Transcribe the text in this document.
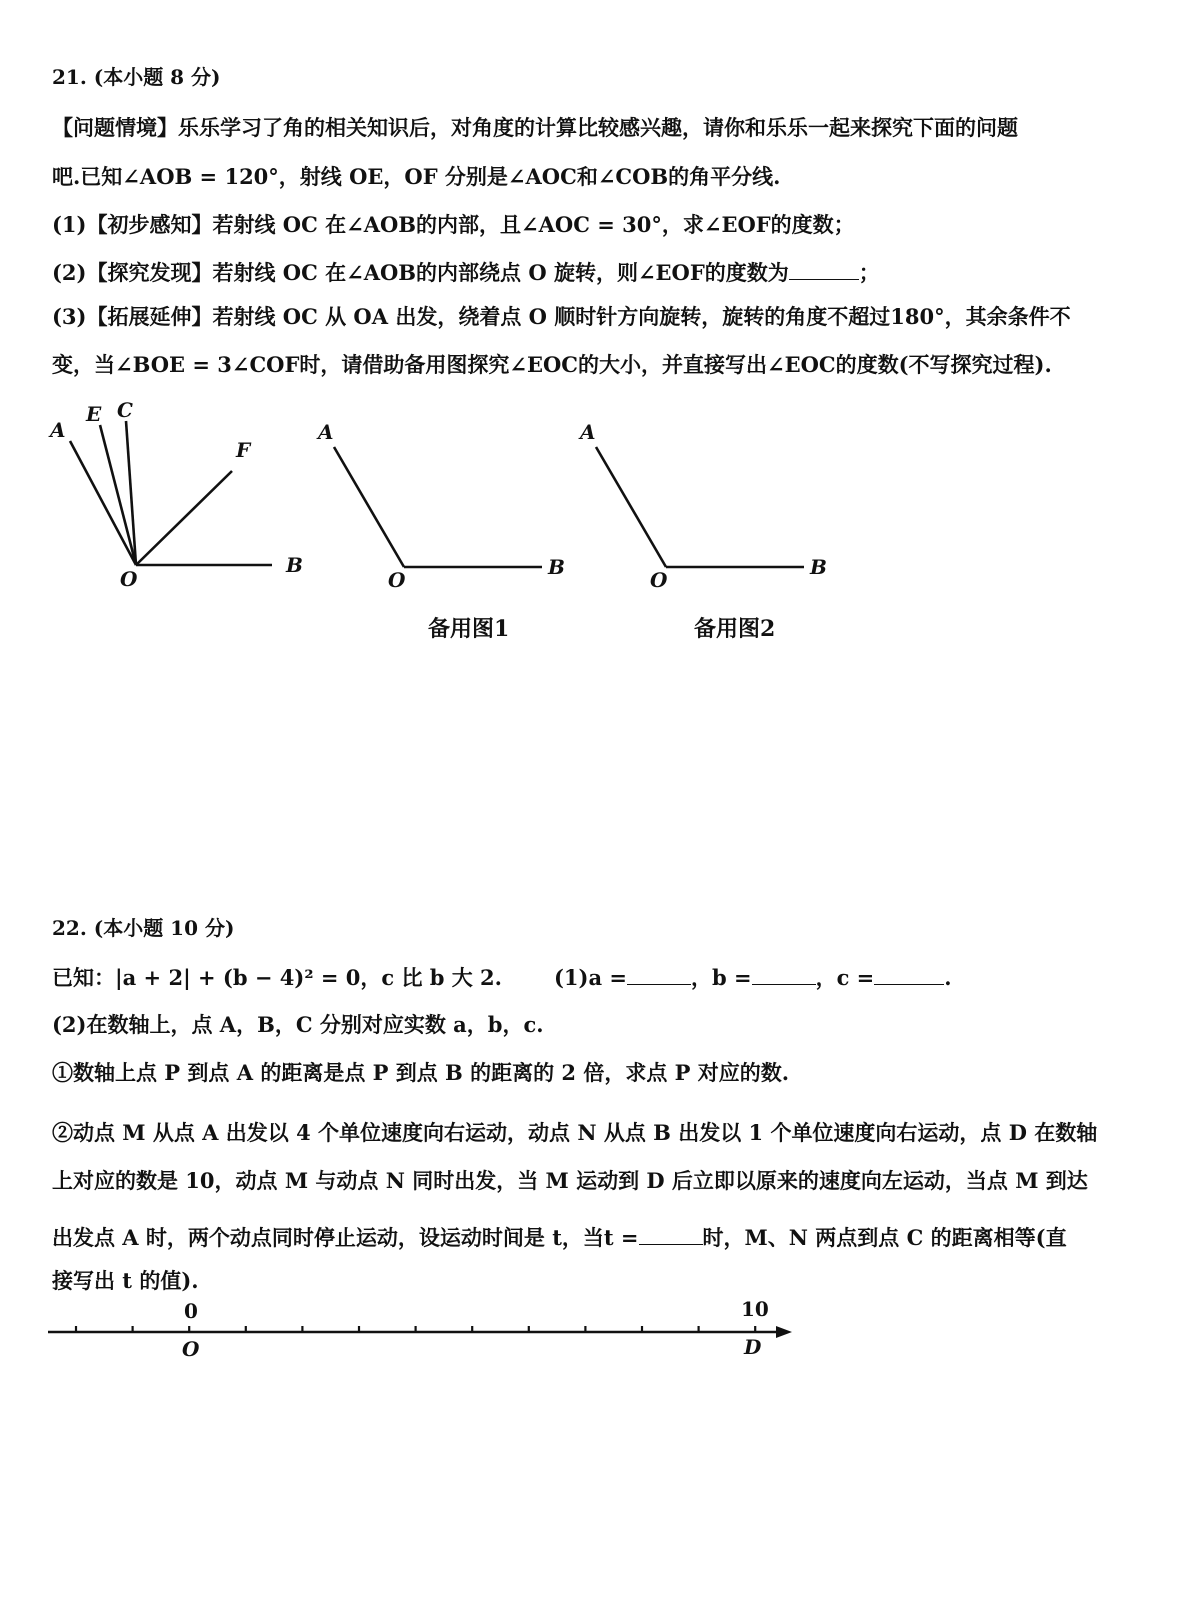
21. (本小题 8 分)
【问题情境】乐乐学习了角的相关知识后，对角度的计算比较感兴趣，请你和乐乐一起来探究下面的问题
吧.已知∠AOB = 120°，射线 OE，OF 分别是∠AOC和∠COB的角平分线.
(1)【初步感知】若射线 OC 在∠AOB的内部，且∠AOC = 30°，求∠EOF的度数；
(2)【探究发现】若射线 OC 在∠AOB的内部绕点 O 旋转，则∠EOF的度数为	；
(3)【拓展延伸】若射线 OC 从 OA 出发，绕着点 O 顺时针方向旋转，旋转的角度不超过180°，其余条件不
变，当∠BOE = 3∠COF时，请借助备用图探究∠EOC的大小，并直接写出∠EOC的度数(不写探究过程).
A
E C
F
O
B
A
O
B
备用图1
A
O
B
备用图2
22. (本小题 10 分)
已知：|a + 2| + (b − 4)² = 0，c 比 b 大 2. (1)a =	，b =	，c =	.
(2)在数轴上，点 A，B，C 分别对应实数 a，b，c.
①数轴上点 P 到点 A 的距离是点 P 到点 B 的距离的 2 倍，求点 P 对应的数.
②动点 M 从点 A 出发以 4 个单位速度向右运动，动点 N 从点 B 出发以 1 个单位速度向右运动，点 D 在数轴
上对应的数是 10，动点 M 与动点 N 同时出发，当 M 运动到 D 后立即以原来的速度向左运动，当点 M 到达
出发点 A 时，两个动点同时停止运动，设运动时间是 t，当t =	时，M、N 两点到点 C 的距离相等(直
接写出 t 的值).
0	10
O	D
